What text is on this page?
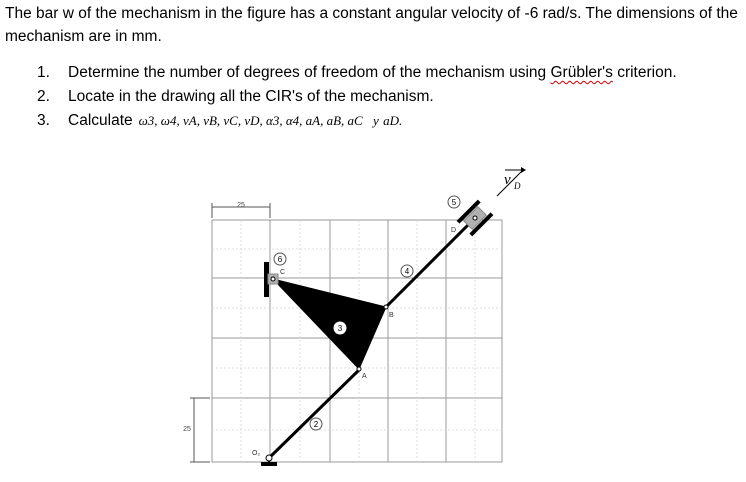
The bar w of the mechanism in the figure has a constant angular velocity of -6 rad/s. The dimensions of the mechanism are in mm.

1. Determine the number of degrees of freedom of the mechanism using Grübler's criterion.
2. Locate in the drawing all the CIR's of the mechanism.
3. Calculate ω3, ω4, vA, vB, vC, vD, α3, α4, aA, aB, aC y aD.
25
25
v D
O₂
A
B
C
D
2
3
4
5
6
